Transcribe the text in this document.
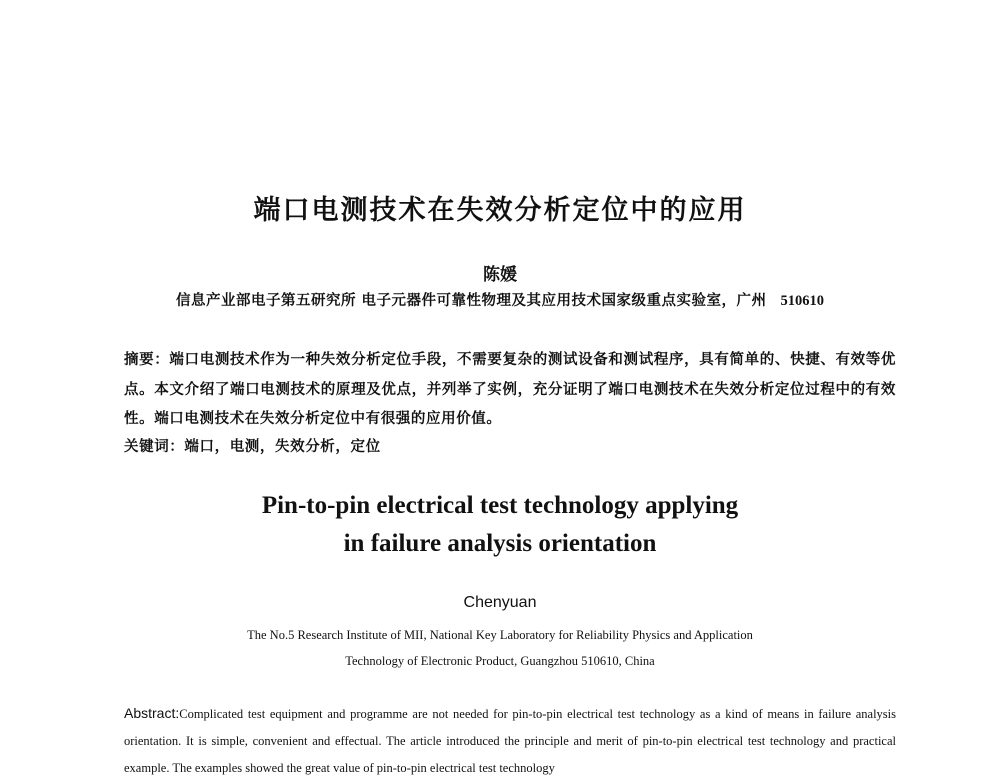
端口电测技术在失效分析定位中的应用
陈媛
信息产业部电子第五研究所 电子元器件可靠性物理及其应用技术国家级重点实验室，广州 510610
摘要：端口电测技术作为一种失效分析定位手段，不需要复杂的测试设备和测试程序，具有简单的、快捷、有效等优点。本文介绍了端口电测技术的原理及优点，并列举了实例，充分证明了端口电测技术在失效分析定位过程中的有效性。端口电测技术在失效分析定位中有很强的应用价值。
关键词：端口，电测，失效分析，定位
Pin-to-pin electrical test technology applying
in failure analysis orientation
Chenyuan
The No.5 Research Institute of MII, National Key Laboratory for Reliability Physics and Application
Technology of Electronic Product, Guangzhou 510610, China
Abstract:Complicated test equipment and programme are not needed for pin-to-pin electrical test technology as a kind of means in failure analysis orientation. It is simple, convenient and effectual. The article introduced the principle and merit of pin-to-pin electrical test technology and practical example. The examples showed the great value of pin-to-pin electrical test technology
